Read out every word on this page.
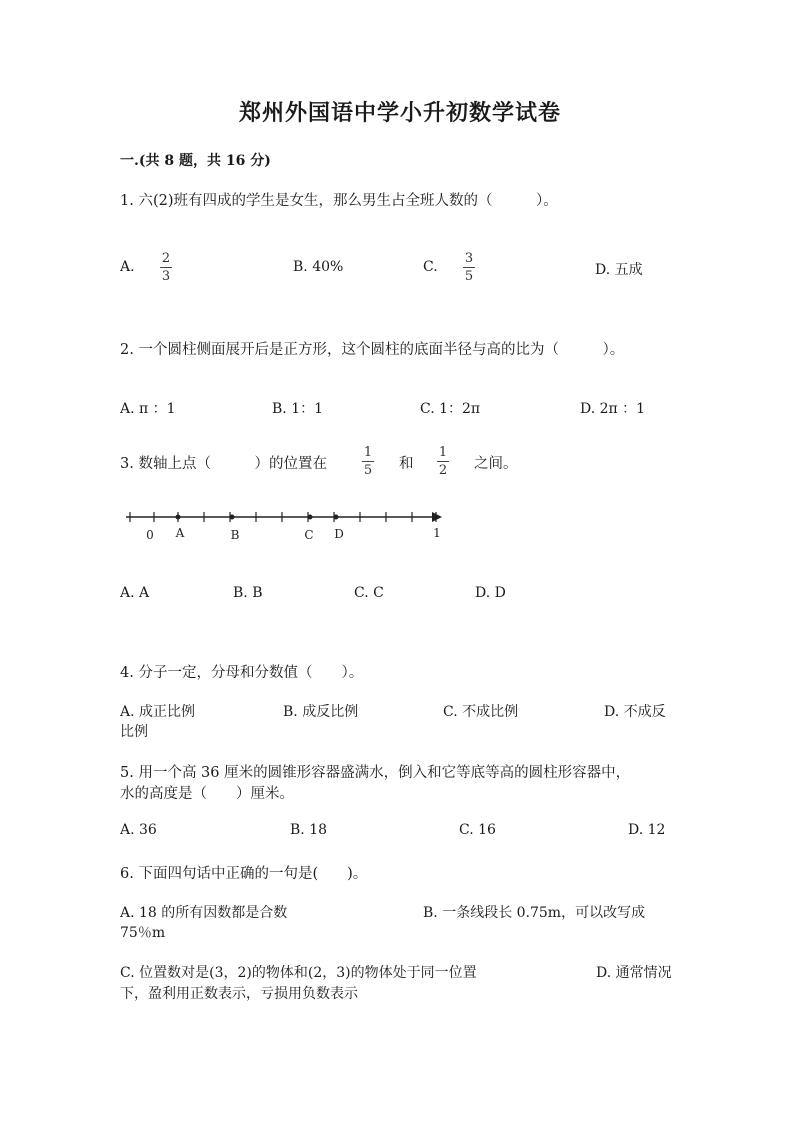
郑州外国语中学小升初数学试卷
一.(共 8 题，共 16 分)
1. 六(2)班有四成的学生是女生，那么男生占全班人数的（　　　）。
A.
2
3
B. 40%	C.
3
5	D. 五成
2. 一个圆柱侧面展开后是正方形，这个圆柱的底面半径与高的比为（　　　）。
A. π ：1	B. 1：1	C. 1：2π	D. 2π ：1
3. 数轴上点（　　　）的位置在
1
5 和
1
2 之间。
0 A	B	C D	1
A. A	B. B	C. C	D. D
4. 分子一定，分母和分数值（　　）。
A. 成正比例	B. 成反比例	C. 不成比例	D. 不成反
比例
5. 用一个高 36 厘米的圆锥形容器盛满水，倒入和它等底等高的圆柱形容器中，
水的高度是（　　）厘米。
A. 36	B. 18	C. 16	D. 12
6. 下面四句话中正确的一句是(　　)。
A. 18 的所有因数都是合数	B. 一条线段长 0.75m，可以改写成
75％m
C. 位置数对是(3，2)的物体和(2，3)的物体处于同一位置	D. 通常情况
下，盈利用正数表示，亏损用负数表示
